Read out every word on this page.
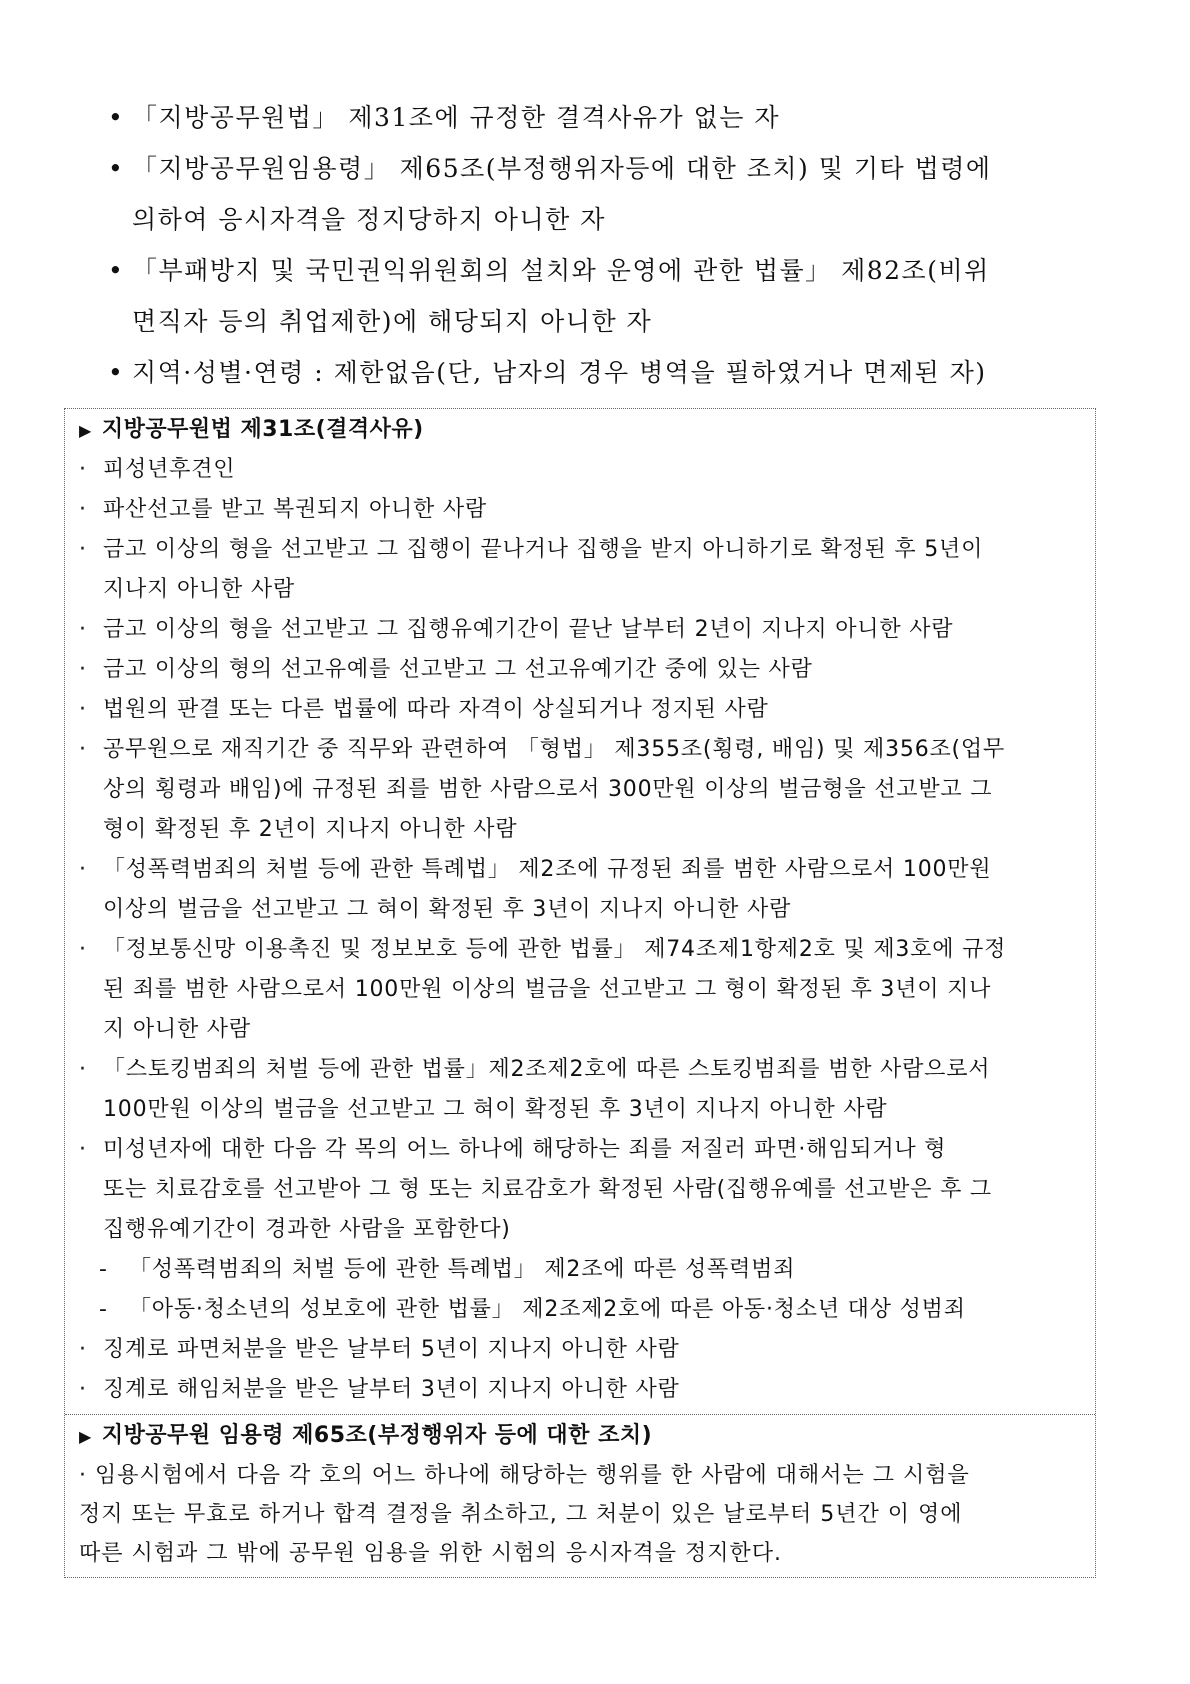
• 「지방공무원법」 제31조에 규정한 결격사유가 없는 자
• 「지방공무원임용령」 제65조(부정행위자등에 대한 조치) 및 기타 법령에
의하여 응시자격을 정지당하지 아니한 자
• 「부패방지 및 국민권익위원회의 설치와 운영에 관한 법률」 제82조(비위
면직자 등의 취업제한)에 해당되지 아니한 자
• 지역·성별·연령 : 제한없음(단, 남자의 경우 병역을 필하였거나 면제된 자)
▶ 지방공무원법 제31조(결격사유)
· 피성년후견인
· 파산선고를 받고 복권되지 아니한 사람
· 금고 이상의 형을 선고받고 그 집행이 끝나거나 집행을 받지 아니하기로 확정된 후 5년이
지나지 아니한 사람
· 금고 이상의 형을 선고받고 그 집행유예기간이 끝난 날부터 2년이 지나지 아니한 사람
· 금고 이상의 형의 선고유예를 선고받고 그 선고유예기간 중에 있는 사람
· 법원의 판결 또는 다른 법률에 따라 자격이 상실되거나 정지된 사람
· 공무원으로 재직기간 중 직무와 관련하여 「형법」 제355조(횡령, 배임) 및 제356조(업무
상의 횡령과 배임)에 규정된 죄를 범한 사람으로서 300만원 이상의 벌금형을 선고받고 그
형이 확정된 후 2년이 지나지 아니한 사람
· 「성폭력범죄의 처벌 등에 관한 특례법」 제2조에 규정된 죄를 범한 사람으로서 100만원
이상의 벌금을 선고받고 그 혀이 확정된 후 3년이 지나지 아니한 사람
· 「정보통신망 이용촉진 및 정보보호 등에 관한 법률」 제74조제1항제2호 및 제3호에 규정
된 죄를 범한 사람으로서 100만원 이상의 벌금을 선고받고 그 형이 확정된 후 3년이 지나
지 아니한 사람
· 「스토킹범죄의 처벌 등에 관한 법률」제2조제2호에 따른 스토킹범죄를 범한 사람으로서
100만원 이상의 벌금을 선고받고 그 혀이 확정된 후 3년이 지나지 아니한 사람
· 미성년자에 대한 다음 각 목의 어느 하나에 해당하는 죄를 저질러 파면·해임되거나 형
또는 치료감호를 선고받아 그 형 또는 치료감호가 확정된 사람(집행유예를 선고받은 후 그
집행유예기간이 경과한 사람을 포함한다)
- 「성폭력범죄의 처벌 등에 관한 특례법」 제2조에 따른 성폭력범죄
- 「아동·청소년의 성보호에 관한 법률」 제2조제2호에 따른 아동·청소년 대상 성범죄
· 징계로 파면처분을 받은 날부터 5년이 지나지 아니한 사람
· 징계로 해임처분을 받은 날부터 3년이 지나지 아니한 사람
▶ 지방공무원 임용령 제65조(부정행위자 등에 대한 조치)
· 임용시험에서 다음 각 호의 어느 하나에 해당하는 행위를 한 사람에 대해서는 그 시험을
정지 또는 무효로 하거나 합격 결정을 취소하고, 그 처분이 있은 날로부터 5년간 이 영에
따른 시험과 그 밖에 공무원 임용을 위한 시험의 응시자격을 정지한다.
